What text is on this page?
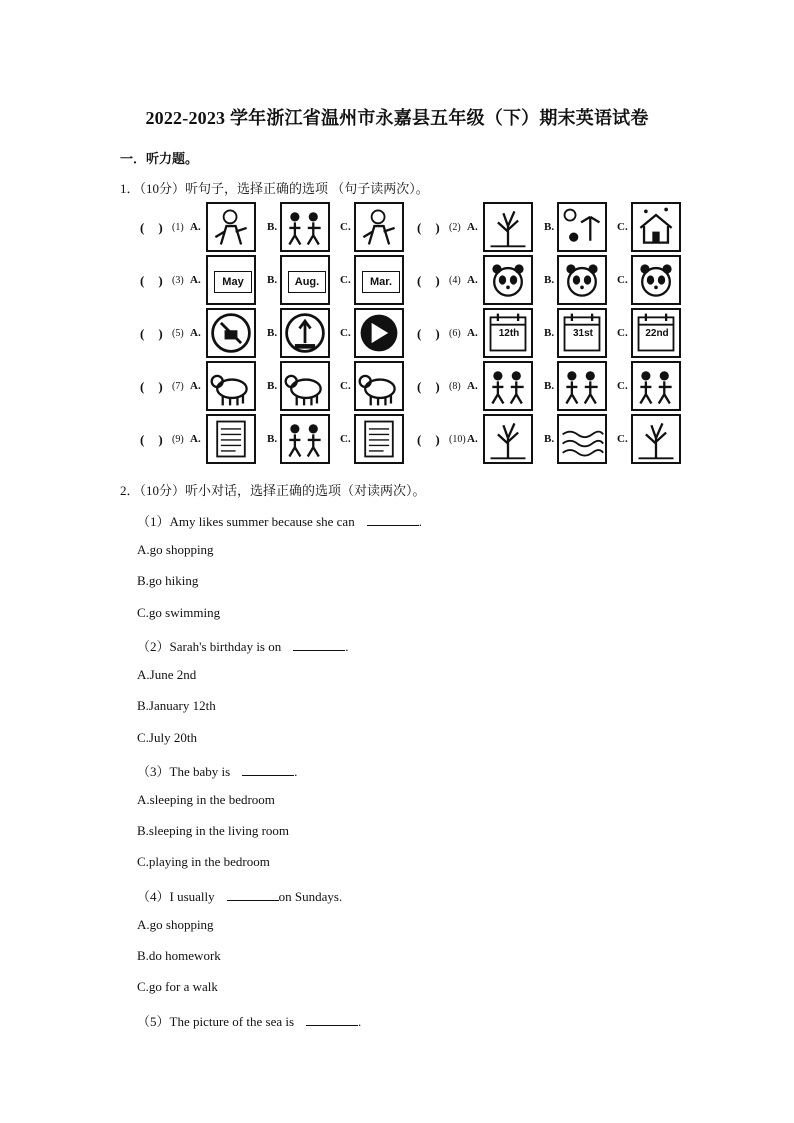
2022-2023 学年浙江省温州市永嘉县五年级（下）期末英语试卷
一．听力题。
1．（10分）听句子，选择正确的选项 （句子读两次）。
( ) (1) A.	B.	C.	( ) (2) A.	B.	C.
( ) (3) A.	May	B.	Aug.	C.	Mar.	( ) (4) A.	B.	C.
( ) (5) A.	B.	C.	( ) (6) A.	12th	B.	31st	C.	22nd
( ) (7) A.	B.	C.	( ) (8) A.	B.	C.
( ) (9) A.	B.	C.	( ) (10) A.	B.	C.
2．（10分）听小对话，选择正确的选项（对读两次）。
（1）Amy likes summer because she can	.
A.go shopping
B.go hiking
C.go swimming
（2）Sarah's birthday is on	.
A.June 2nd
B.January 12th
C.July 20th
（3）The baby is	.
A.sleeping in the bedroom
B.sleeping in the living room
C.playing in the bedroom
（4）I usually	on Sundays.
A.go shopping
B.do homework
C.go for a walk
（5）The picture of the sea is	.
